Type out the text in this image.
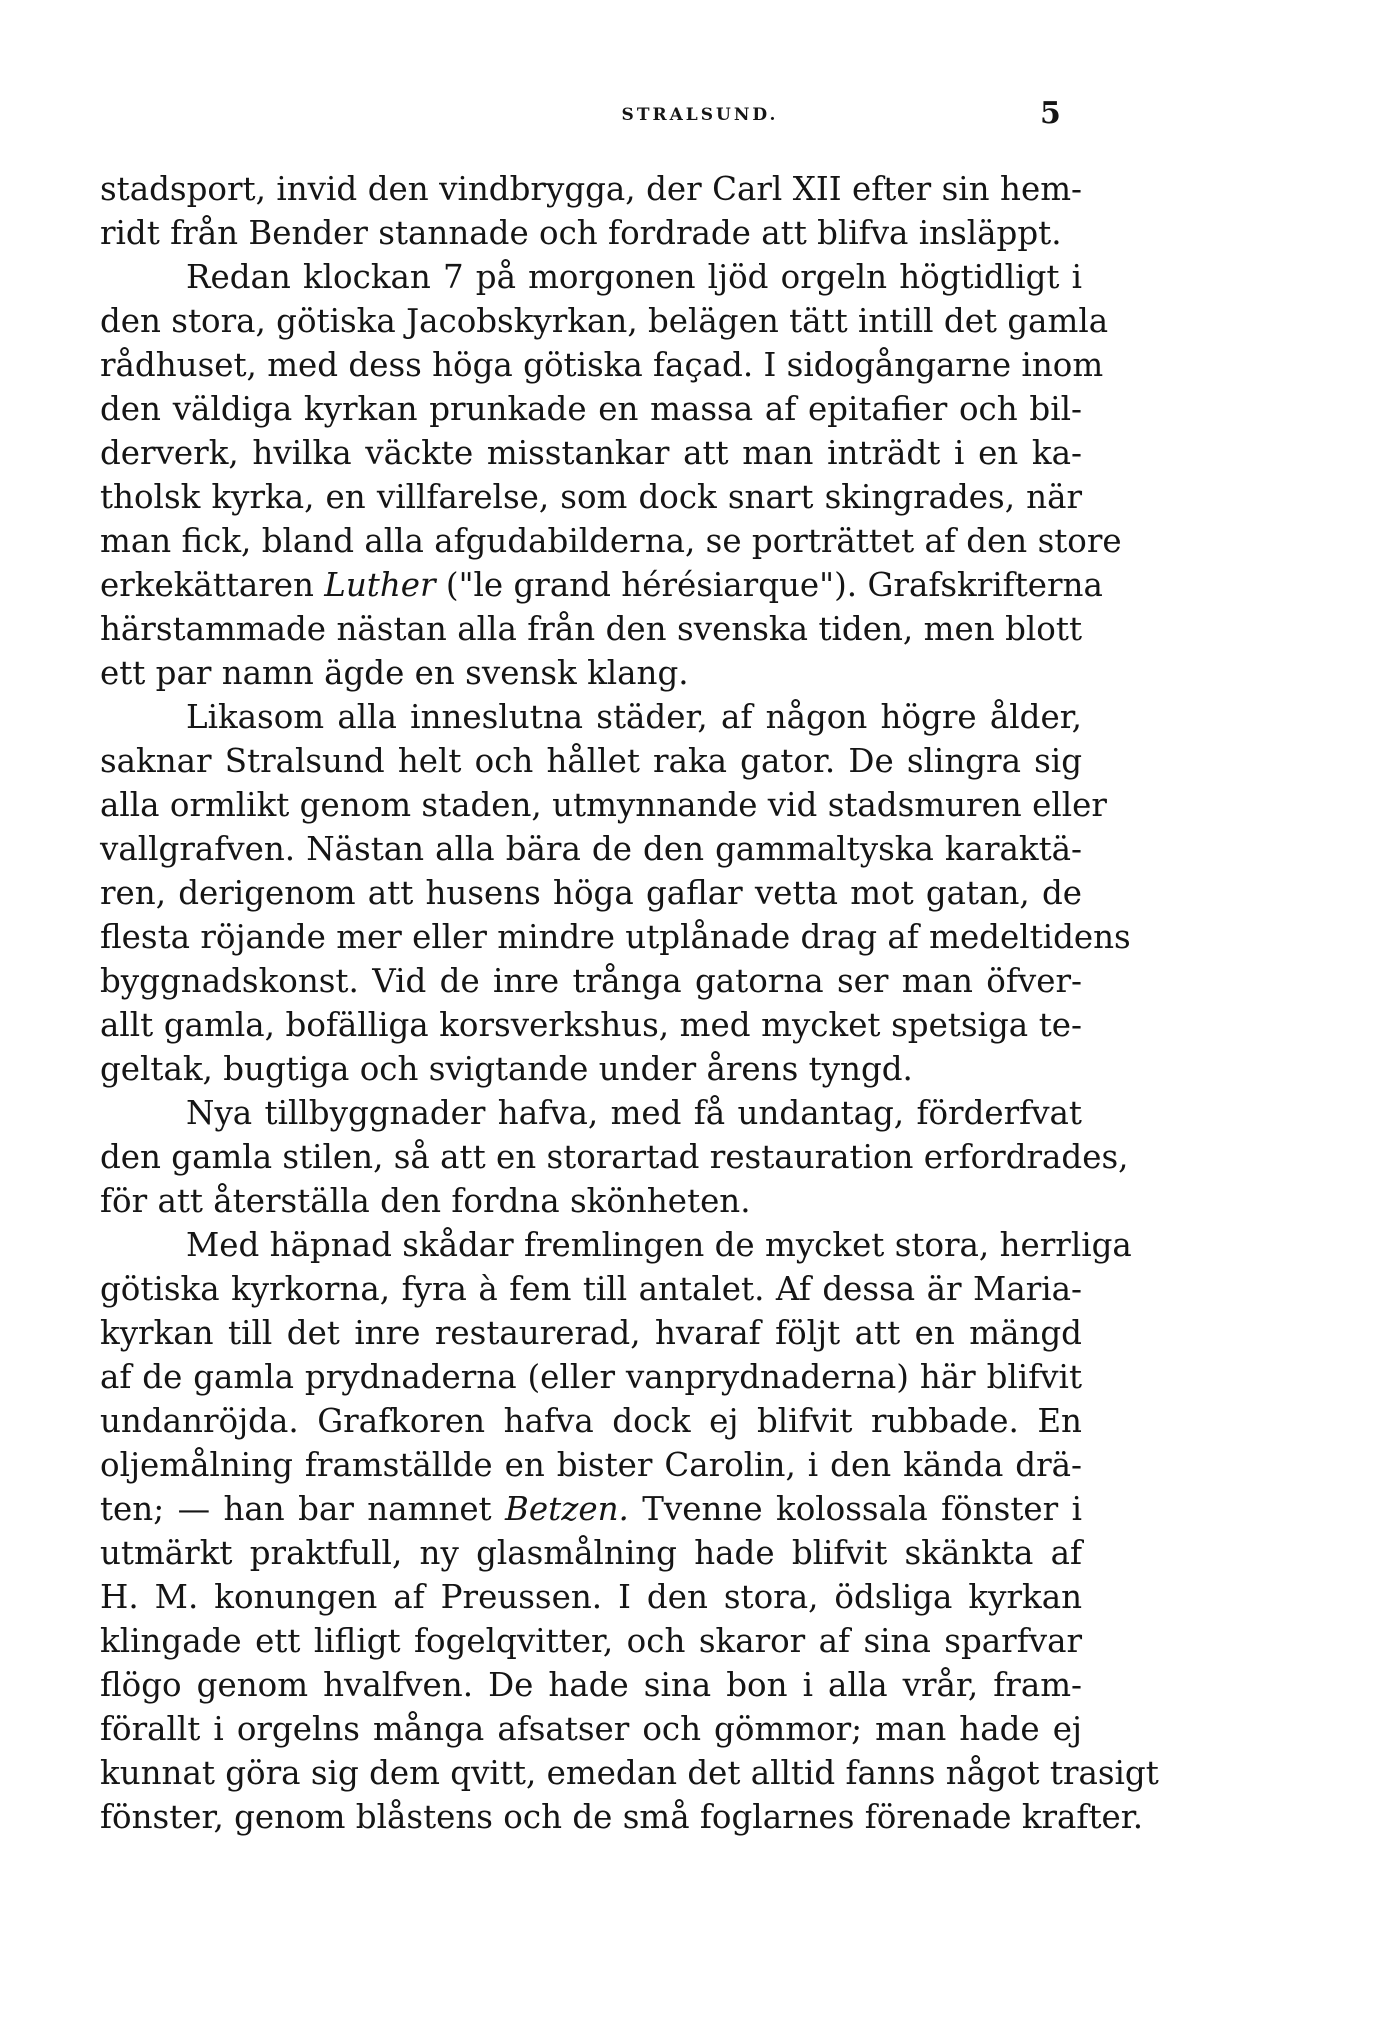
STRALSUND.	5
stadsport, invid den vindbrygga, der Carl XII efter sin hem-
ridt från Bender stannade och fordrade att blifva insläppt.
Redan klockan 7 på morgonen ljöd orgeln högtidligt i
den stora, götiska Jacobskyrkan, belägen tätt intill det gamla
rådhuset, med dess höga götiska façad. I sidogångarne inom
den väldiga kyrkan prunkade en massa af epitafier och bil-
derverk, hvilka väckte misstankar att man inträdt i en ka-
tholsk kyrka, en villfarelse, som dock snart skingrades, när
man fick, bland alla afgudabilderna, se porträttet af den store
erkekättaren Luther ("le grand hérésiarque"). Grafskrifterna
härstammade nästan alla från den svenska tiden, men blott
ett par namn ägde en svensk klang.
Likasom alla inneslutna städer, af någon högre ålder,
saknar Stralsund helt och hållet raka gator. De slingra sig
alla ormlikt genom staden, utmynnande vid stadsmuren eller
vallgrafven. Nästan alla bära de den gammaltyska karaktä-
ren, derigenom att husens höga gaflar vetta mot gatan, de
flesta röjande mer eller mindre utplånade drag af medeltidens
byggnadskonst. Vid de inre trånga gatorna ser man öfver-
allt gamla, bofälliga korsverkshus, med mycket spetsiga te-
geltak, bugtiga och svigtande under årens tyngd.
Nya tillbyggnader hafva, med få undantag, förderfvat
den gamla stilen, så att en storartad restauration erfordrades,
för att återställa den fordna skönheten.
Med häpnad skådar fremlingen de mycket stora, herrliga
götiska kyrkorna, fyra à fem till antalet. Af dessa är Maria-
kyrkan till det inre restaurerad, hvaraf följt att en mängd
af de gamla prydnaderna (eller vanprydnaderna) här blifvit
undanröjda. Grafkoren hafva dock ej blifvit rubbade. En
oljemålning framställde en bister Carolin, i den kända drä-
ten; — han bar namnet Betzen. Tvenne kolossala fönster i
utmärkt praktfull, ny glasmålning hade blifvit skänkta af
H. M. konungen af Preussen. I den stora, ödsliga kyrkan
klingade ett lifligt fogelqvitter, och skaror af sina sparfvar
flögo genom hvalfven. De hade sina bon i alla vrår, fram-
förallt i orgelns många afsatser och gömmor; man hade ej
kunnat göra sig dem qvitt, emedan det alltid fanns något trasigt
fönster, genom blåstens och de små foglarnes förenade krafter.
